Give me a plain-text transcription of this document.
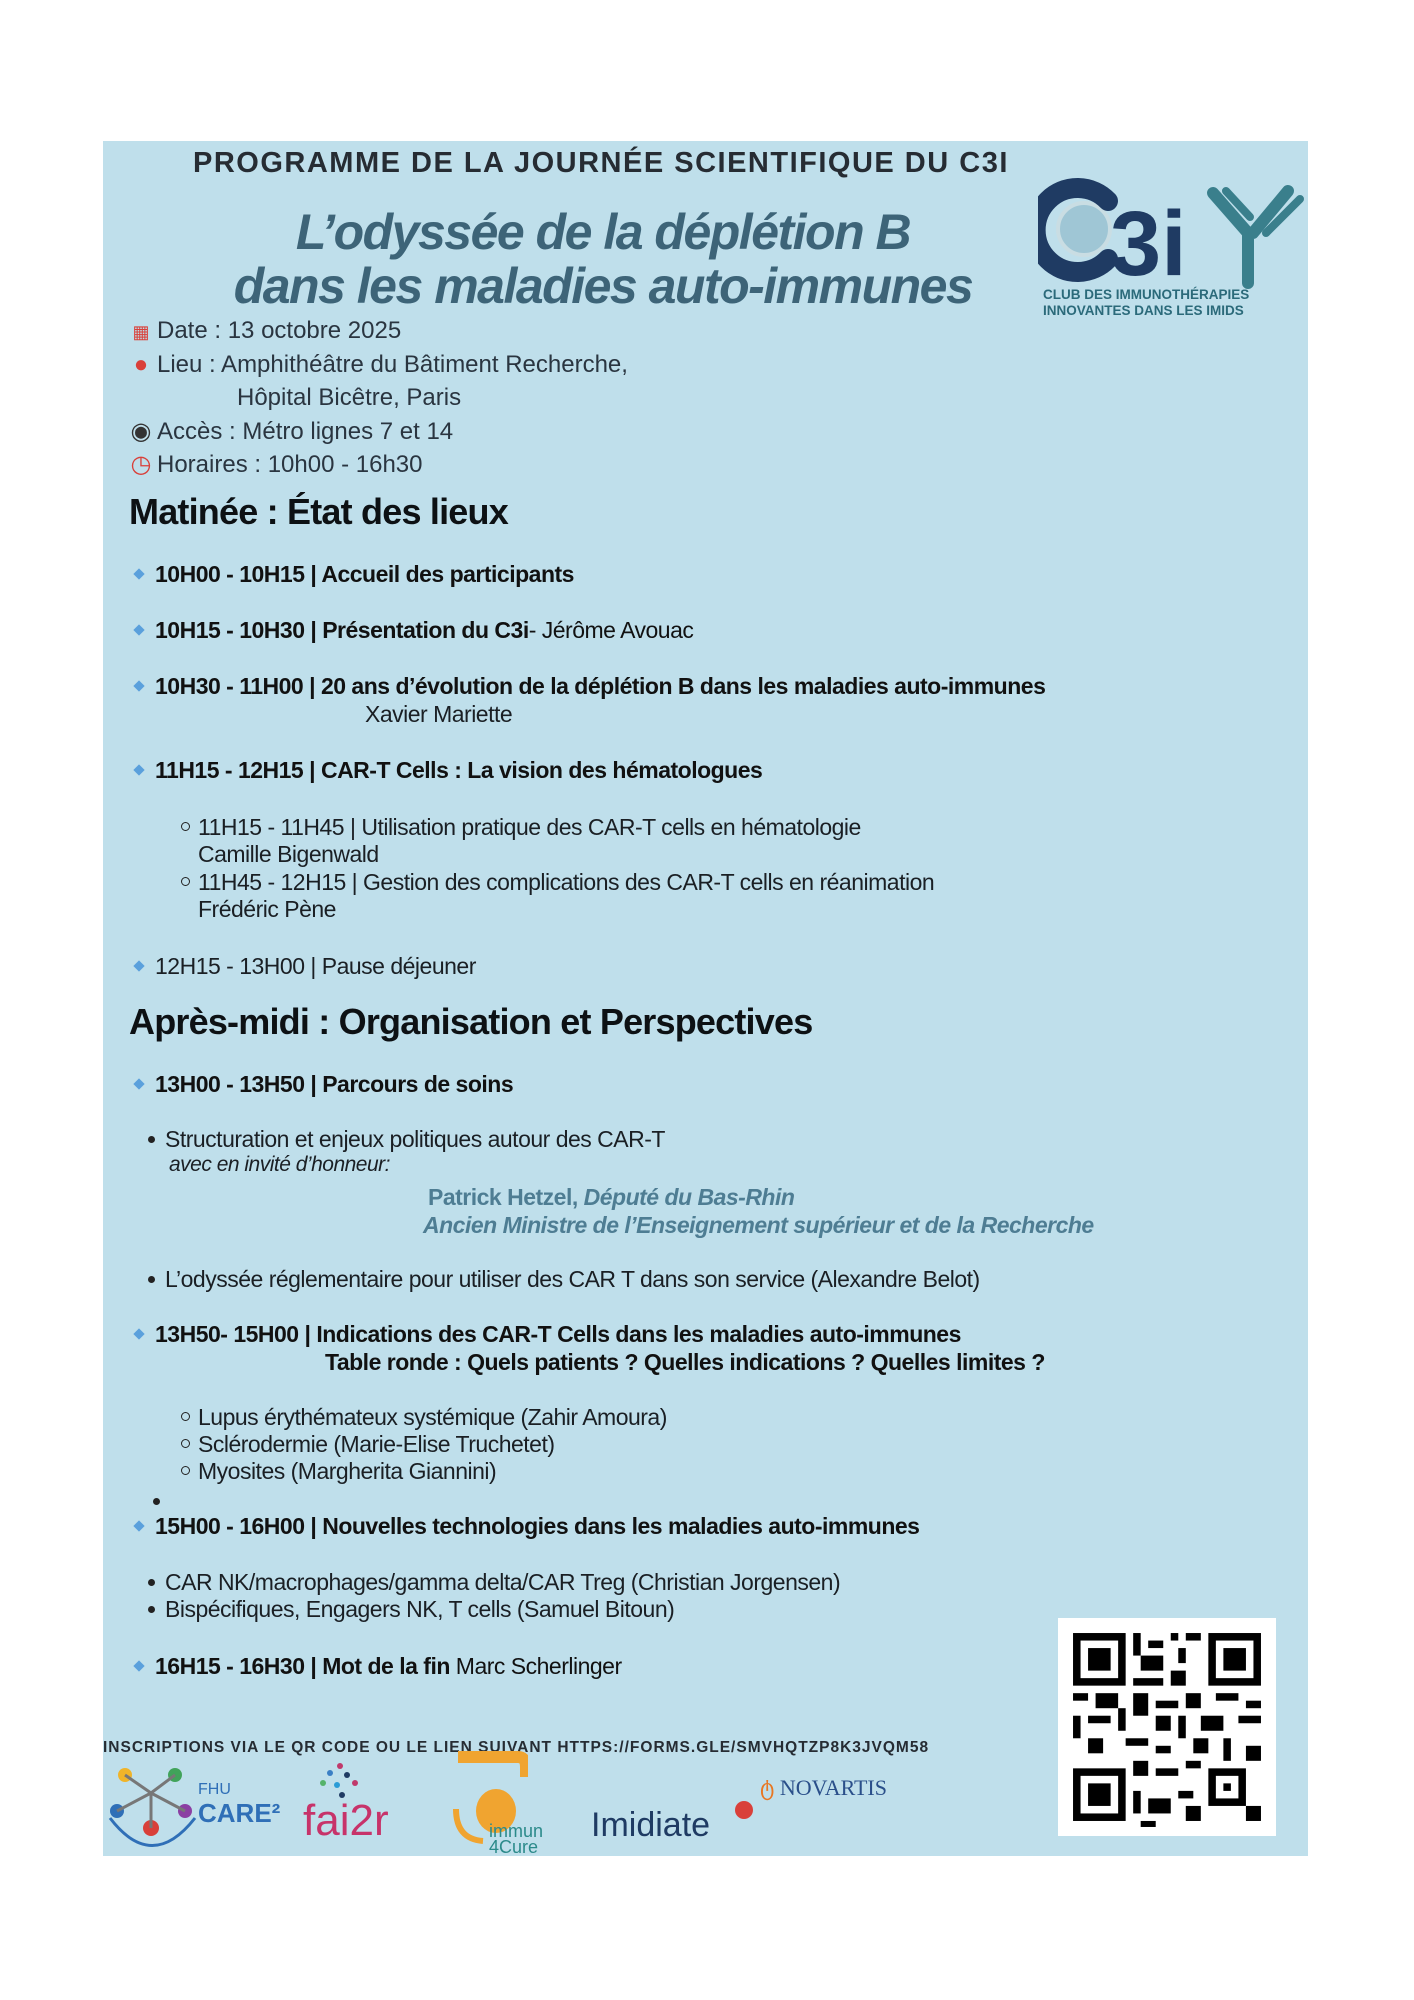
PROGRAMME DE LA JOURNÉE SCIENTIFIQUE DU C3I
L’odyssée de la déplétion B
dans les maladies auto-immunes	3i
CLUB DES IMMUNOTHÉRAPIES
INNOVANTES DANS LES IMIDS
▦ Date : 13 octobre 2025
● Lieu : Amphithéâtre du Bâtiment Recherche,
Hôpital Bicêtre, Paris
◉ Accès : Métro lignes 7 et 14
◷ Horaires : 10h00 - 16h30
Matinée : État des lieux
10H00 - 10H15 | Accueil des participants
10H15 - 10H30 | Présentation du C3i- Jérôme Avouac
10H30 - 11H00 | 20 ans d’évolution de la déplétion B dans les maladies auto-immunes
Xavier Mariette
11H15 - 12H15 | CAR-T Cells : La vision des hématologues
11H15 - 11H45 | Utilisation pratique des CAR-T cells en hématologie
Camille Bigenwald
11H45 - 12H15 | Gestion des complications des CAR-T cells en réanimation
Frédéric Pène
12H15 - 13H00 | Pause déjeuner
Après-midi : Organisation et Perspectives
13H00 - 13H50 | Parcours de soins
Structuration et enjeux politiques autour des CAR-T
avec en invité d’honneur:
Patrick Hetzel, Député du Bas-Rhin
Ancien Ministre de l’Enseignement supérieur et de la Recherche
L’odyssée réglementaire pour utiliser des CAR T dans son service (Alexandre Belot)
13H50- 15H00 | Indications des CAR-T Cells dans les maladies auto-immunes
Table ronde : Quels patients ? Quelles indications ? Quelles limites ?
Lupus érythémateux systémique (Zahir Amoura)
Sclérodermie (Marie-Elise Truchetet)
Myosites (Margherita Giannini)
15H00 - 16H00 | Nouvelles technologies dans les maladies auto-immunes
CAR NK/macrophages/gamma delta/CAR Treg (Christian Jorgensen)
Bispécifiques, Engagers NK, T cells (Samuel Bitoun)
16H15 - 16H30 | Mot de la fin Marc Scherlinger
INSCRIPTIONS VIA LE QR CODE OU LE LIEN SUIVANT HTTPS://FORMS.GLE/SMVHQTZP8K3JVQM58
FHU
CARE² fai2r	immun
4Cure
Imidiate
ტ NOVARTIS
